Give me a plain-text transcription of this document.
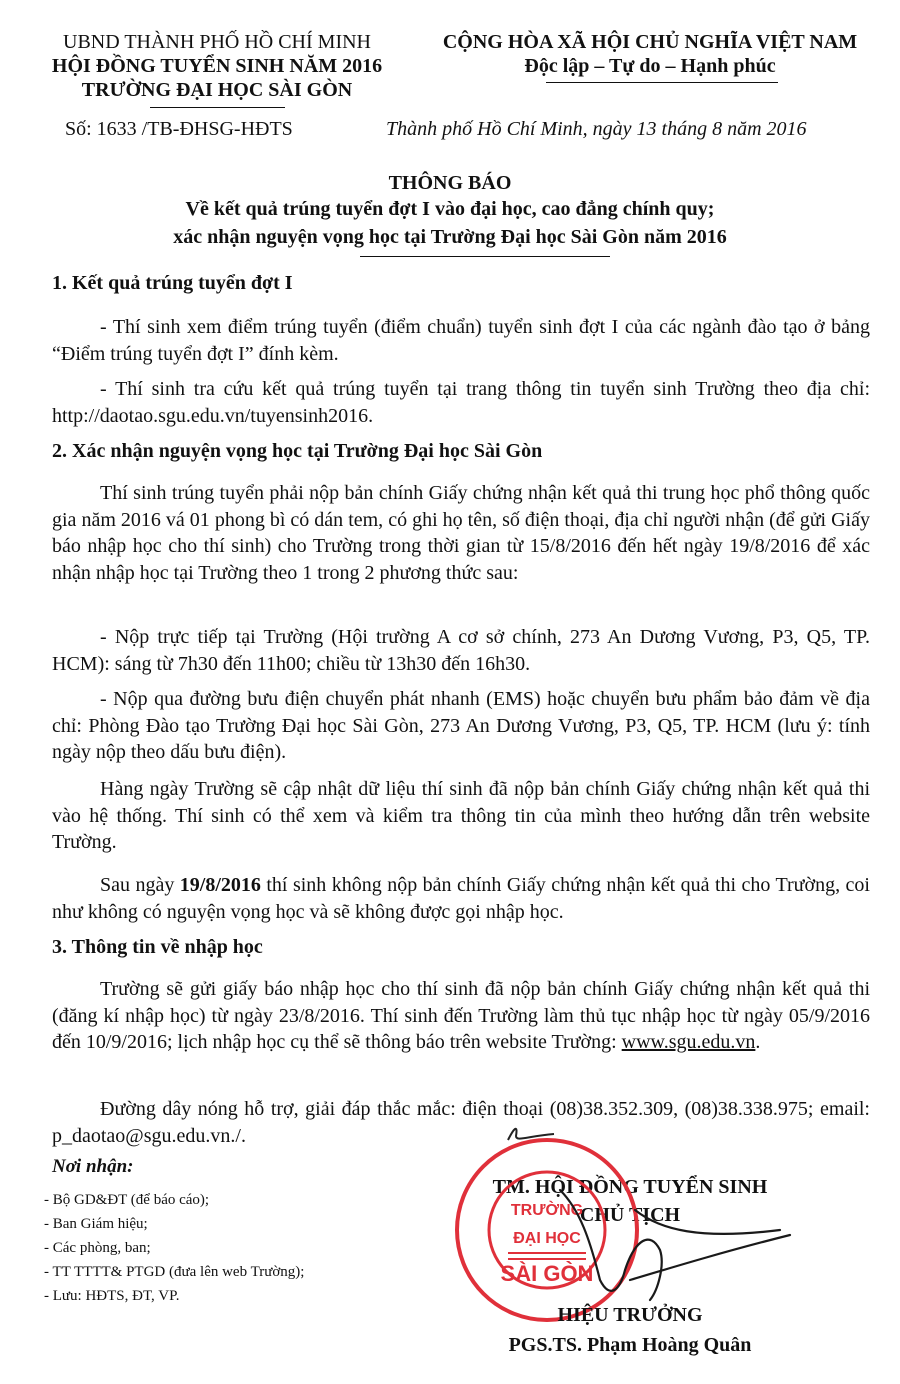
UBND THÀNH PHỐ HỒ CHÍ MINH
HỘI ĐỒNG TUYỂN SINH NĂM 2016
TRƯỜNG ĐẠI HỌC SÀI GÒN
CỘNG HÒA XÃ HỘI CHỦ NGHĨA VIỆT NAM
Độc lập – Tự do – Hạnh phúc
Số: 1633 /TB-ĐHSG-HĐTS	Thành phố Hồ Chí Minh, ngày 13 tháng 8 năm 2016
THÔNG BÁO
Về kết quả trúng tuyển đợt I vào đại học, cao đẳng chính quy;
xác nhận nguyện vọng học tại Trường Đại học Sài Gòn năm 2016
1. Kết quả trúng tuyển đợt I
- Thí sinh xem điểm trúng tuyển (điểm chuẩn) tuyển sinh đợt I của các ngành đào tạo ở bảng “Điểm trúng tuyển đợt I” đính kèm.
- Thí sinh tra cứu kết quả trúng tuyển tại trang thông tin tuyển sinh Trường theo địa chỉ: http://daotao.sgu.edu.vn/tuyensinh2016.
2. Xác nhận nguyện vọng học tại Trường Đại học Sài Gòn
Thí sinh trúng tuyển phải nộp bản chính Giấy chứng nhận kết quả thi trung học phổ thông quốc gia năm 2016 vá 01 phong bì có dán tem, có ghi họ tên, số điện thoại, địa chỉ người nhận (để gửi Giấy báo nhập học cho thí sinh) cho Trường trong thời gian từ 15/8/2016 đến hết ngày 19/8/2016 để xác nhận nhập học tại Trường theo 1 trong 2 phương thức sau:
- Nộp trực tiếp tại Trường (Hội trường A cơ sở chính, 273 An Dương Vương, P3, Q5, TP. HCM): sáng từ 7h30 đến 11h00; chiều từ 13h30 đến 16h30.
- Nộp qua đường bưu điện chuyển phát nhanh (EMS) hoặc chuyển bưu phẩm bảo đảm về địa chỉ: Phòng Đào tạo Trường Đại học Sài Gòn, 273 An Dương Vương, P3, Q5, TP. HCM (lưu ý: tính ngày nộp theo dấu bưu điện).
Hàng ngày Trường sẽ cập nhật dữ liệu thí sinh đã nộp bản chính Giấy chứng nhận kết quả thi vào hệ thống. Thí sinh có thể xem và kiểm tra thông tin của mình theo hướng dẫn trên website Trường.
Sau ngày 19/8/2016 thí sinh không nộp bản chính Giấy chứng nhận kết quả thi cho Trường, coi như không có nguyện vọng học và sẽ không được gọi nhập học.
3. Thông tin về nhập học
Trường sẽ gửi giấy báo nhập học cho thí sinh đã nộp bản chính Giấy chứng nhận kết quả thi (đăng kí nhập học) từ ngày 23/8/2016. Thí sinh đến Trường làm thủ tục nhập học từ ngày 05/9/2016 đến 10/9/2016; lịch nhập học cụ thể sẽ thông báo trên website Trường: www.sgu.edu.vn.
Đường dây nóng hỗ trợ, giải đáp thắc mắc: điện thoại (08)38.352.309, (08)38.338.975; email: p_daotao@sgu.edu.vn./.
Nơi nhận:
- Bộ GD&ĐT (để báo cáo);
- Ban Giám hiệu;
- Các phòng, ban;
- TT TTTT& PTGD (đưa lên web Trường);
- Lưu: HĐTS, ĐT, VP.
TM. HỘI ĐỒNG TUYỂN SINH
CHỦ TỊCH
TRƯỜNG
ĐẠI HỌC
SÀI GÒN
HIỆU TRƯỞNG
PGS.TS. Phạm Hoàng Quân
